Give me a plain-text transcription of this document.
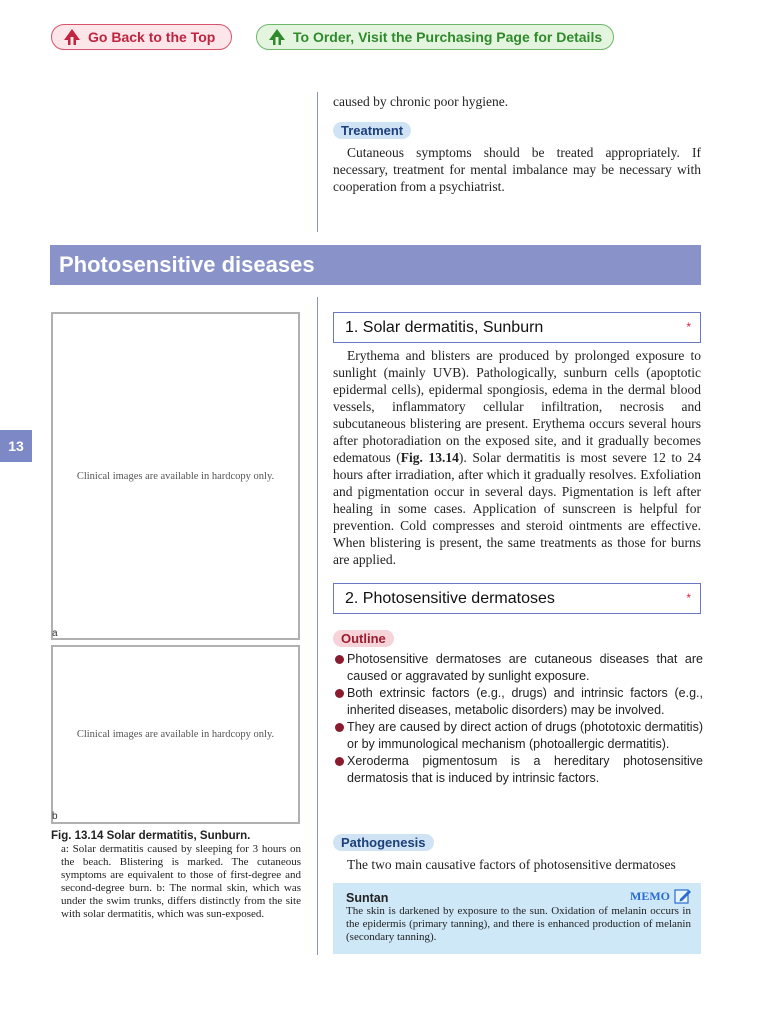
Go Back to the Top	To Order, Visit the Purchasing Page for Details
caused by chronic poor hygiene.
Treatment
Cutaneous symptoms should be treated appropriately. If necessary, treatment for mental imbalance may be necessary with cooperation from a psychiatrist.
Photosensitive diseases
13
Clinical images are available in hardcopy only.
a
Clinical images are available in hardcopy only.
b
Fig. 13.14 Solar dermatitis, Sunburn.
a: Solar dermatitis caused by sleeping for 3 hours on the beach. Blistering is marked. The cutaneous symptoms are equivalent to those of first-degree and second-degree burn. b: The normal skin, which was under the swim trunks, differs distinctly from the site with solar dermatitis, which was sun-exposed.
1. Solar dermatitis, Sunburn	*
Erythema and blisters are produced by prolonged exposure to sunlight (mainly UVB). Pathologically, sunburn cells (apoptotic epidermal cells), epidermal spongiosis, edema in the dermal blood vessels, inflammatory cellular infiltration, necrosis and subcutaneous blistering are present. Erythema occurs several hours after photoradiation on the exposed site, and it gradually becomes edematous (Fig. 13.14). Solar dermatitis is most severe 12 to 24 hours after irradiation, after which it gradually resolves. Exfoliation and pigmentation occur in several days. Pigmentation is left after healing in some cases. Application of sunscreen is helpful for prevention. Cold compresses and steroid ointments are effective. When blistering is present, the same treatments as those for burns are applied.
2. Photosensitive dermatoses	*
Outline
Photosensitive dermatoses are cutaneous diseases that are caused or aggravated by sunlight exposure.
Both extrinsic factors (e.g., drugs) and intrinsic factors (e.g., inherited diseases, metabolic disorders) may be involved.
They are caused by direct action of drugs (phototoxic dermatitis) or by immunological mechanism (photoallergic dermatitis).
Xeroderma pigmentosum is a hereditary photosensitive dermatosis that is induced by intrinsic factors.
Pathogenesis
The two main causative factors of photosensitive dermatoses
Suntan	MEMO
The skin is darkened by exposure to the sun. Oxidation of melanin occurs in the epidermis (primary tanning), and there is enhanced production of melanin (secondary tanning).
